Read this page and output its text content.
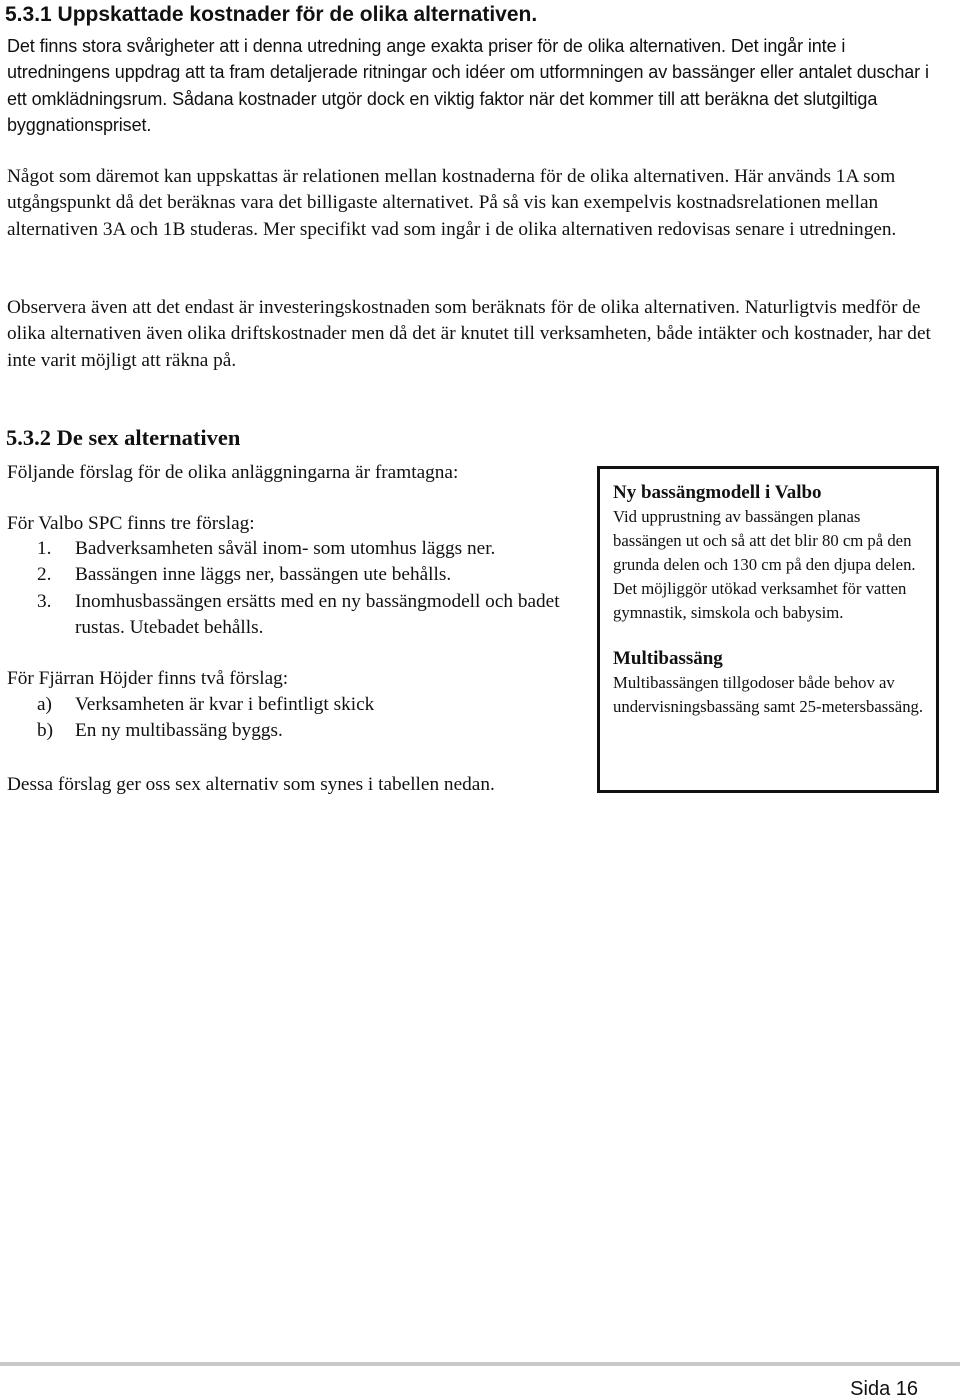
5.3.1 Uppskattade kostnader för de olika alternativen.

Det finns stora svårigheter att i denna utredning ange exakta priser för de olika alternativen. Det ingår inte i utredningens uppdrag att ta fram detaljerade ritningar och idéer om utformningen av bassänger eller antalet duschar i ett omklädningsrum. Sådana kostnader utgör dock en viktig faktor när det kommer till att beräkna det slutgiltiga byggnationspriset.

Något som däremot kan uppskattas är relationen mellan kostnaderna för de olika alternativen. Här används 1A som utgångspunkt då det beräknas vara det billigaste alternativet. På så vis kan exempelvis kostnadsrelationen mellan alternativen 3A och 1B studeras. Mer specifikt vad som ingår i de olika alternativen redovisas senare i utredningen.

Observera även att det endast är investeringskostnaden som beräknats för de olika alternativen. Naturligtvis medför de olika alternativen även olika driftskostnader men då det är knutet till verksamheten, både intäkter och kostnader, har det inte varit möjligt att räkna på.

5.3.2 De sex alternativen

Följande förslag för de olika anläggningarna är framtagna:

För Valbo SPC finns tre förslag:

1.	Badverksamheten såväl inom- som utomhus läggs ner.
2.	Bassängen inne läggs ner, bassängen ute behålls.
3.	Inomhusbassängen ersätts med en ny bassängmodell och badet rustas. Utebadet behålls.

För Fjärran Höjder finns två förslag:

a)	Verksamheten är kvar i befintligt skick
b)	En ny multibassäng byggs.

Dessa förslag ger oss sex alternativ som synes i tabellen nedan.

Ny bassängmodell i Valbo

Vid upprustning av bassängen planas bassängen ut och så att det blir 80 cm på den grunda delen och 130 cm på den djupa delen. Det möjliggör utökad verksamhet för vatten gymnastik, simskola och babysim.

Multibassäng

Multibassängen tillgodoser både behov av undervisningsbassäng samt 25-metersbassäng.

Sida 16
